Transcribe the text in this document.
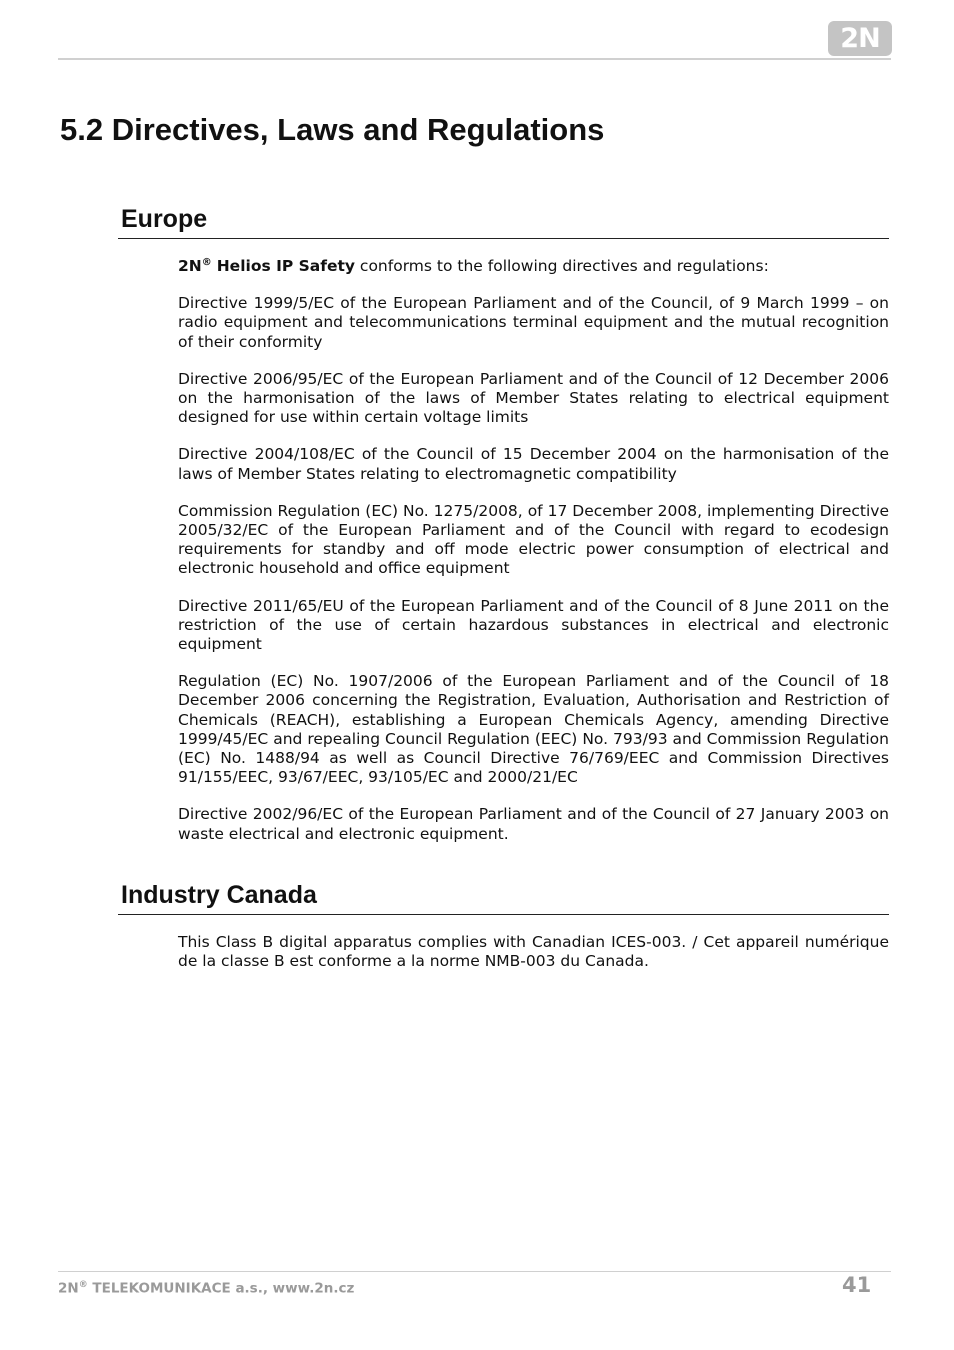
2N
5.2 Directives, Laws and Regulations
Europe

2N® Helios IP Safety conforms to the following directives and regulations:

Directive 1999/5/EC of the European Parliament and of the Council, of 9 March 1999 – on radio equipment and telecommunications terminal equipment and the mutual recognition of their conformity

Directive 2006/95/EC of the European Parliament and of the Council of 12 December 2006 on the harmonisation of the laws of Member States relating to electrical equipment designed for use within certain voltage limits

Directive 2004/108/EC of the Council of 15 December 2004 on the harmonisation of the laws of Member States relating to electromagnetic compatibility

Commission Regulation (EC) No. 1275/2008, of 17 December 2008, implementing Directive 2005/32/EC of the European Parliament and of the Council with regard to ecodesign requirements for standby and off mode electric power consumption of electrical and electronic household and office equipment

Directive 2011/65/EU of the European Parliament and of the Council of 8 June 2011 on the restriction of the use of certain hazardous substances in electrical and electronic equipment

Regulation (EC) No. 1907/2006 of the European Parliament and of the Council of 18 December 2006 concerning the Registration, Evaluation, Authorisation and Restriction of Chemicals (REACH), establishing a European Chemicals Agency, amending Directive 1999/45/EC and repealing Council Regulation (EEC) No. 793/93 and Commission Regulation (EC) No. 1488/94 as well as Council Directive 76/769/EEC and Commission Directives 91/155/EEC, 93/67/EEC, 93/105/EC and 2000/21/EC

Directive 2002/96/EC of the European Parliament and of the Council of 27 January 2003 on waste electrical and electronic equipment.

Industry Canada

This Class B digital apparatus complies with Canadian ICES-003. / Cet appareil numérique de la classe B est conforme a la norme NMB-003 du Canada.

2N® TELEKOMUNIKACE a.s., www.2n.cz	41
